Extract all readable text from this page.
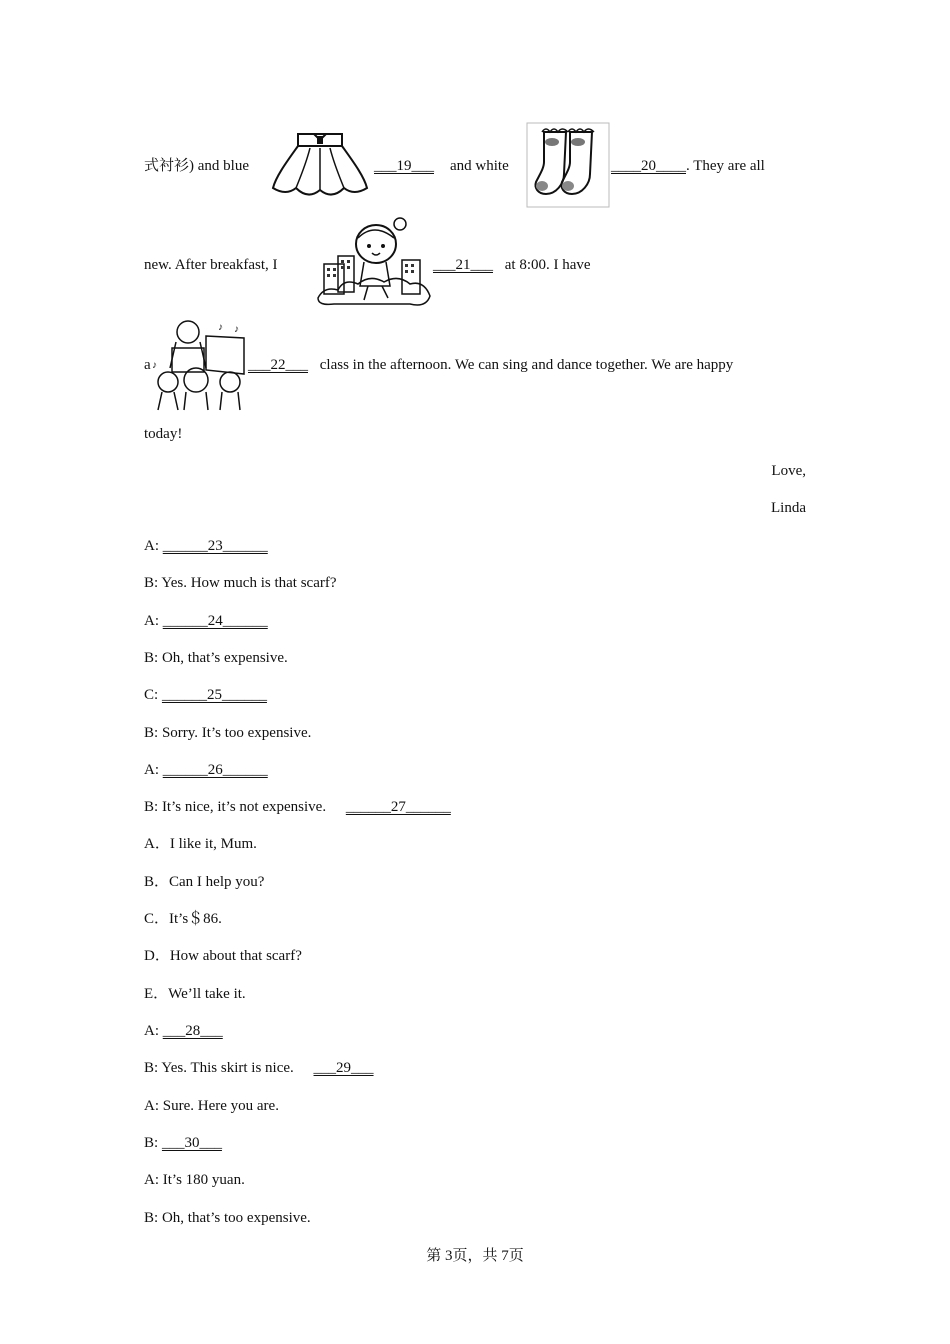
式衬衫) and blue	___19___ and white	____20____. They are all
new. After breakfast, I	___21___ at 8:00. I have
a
♪ ♪
♪	___22___ class in the afternoon. We can sing and dance together. We are happy
today!
Love,
Linda
A: ______23______
B: Yes. How much is that scarf?
A: ______24______
B: Oh, that’s expensive.
C: ______25______
B: Sorry. It’s too expensive.
A: ______26______
B: It’s nice, it’s not expensive. ______27______
A．I like it, Mum.
B．Can I help you?
C．It’s＄86.
D．How about that scarf?
E．We’ll take it.
A: ___28___
B: Yes. This skirt is nice. ___29___
A: Sure. Here you are.
B: ___30___
A: It’s 180 yuan.
B: Oh, that’s too expensive.
第 3页，共 7页
